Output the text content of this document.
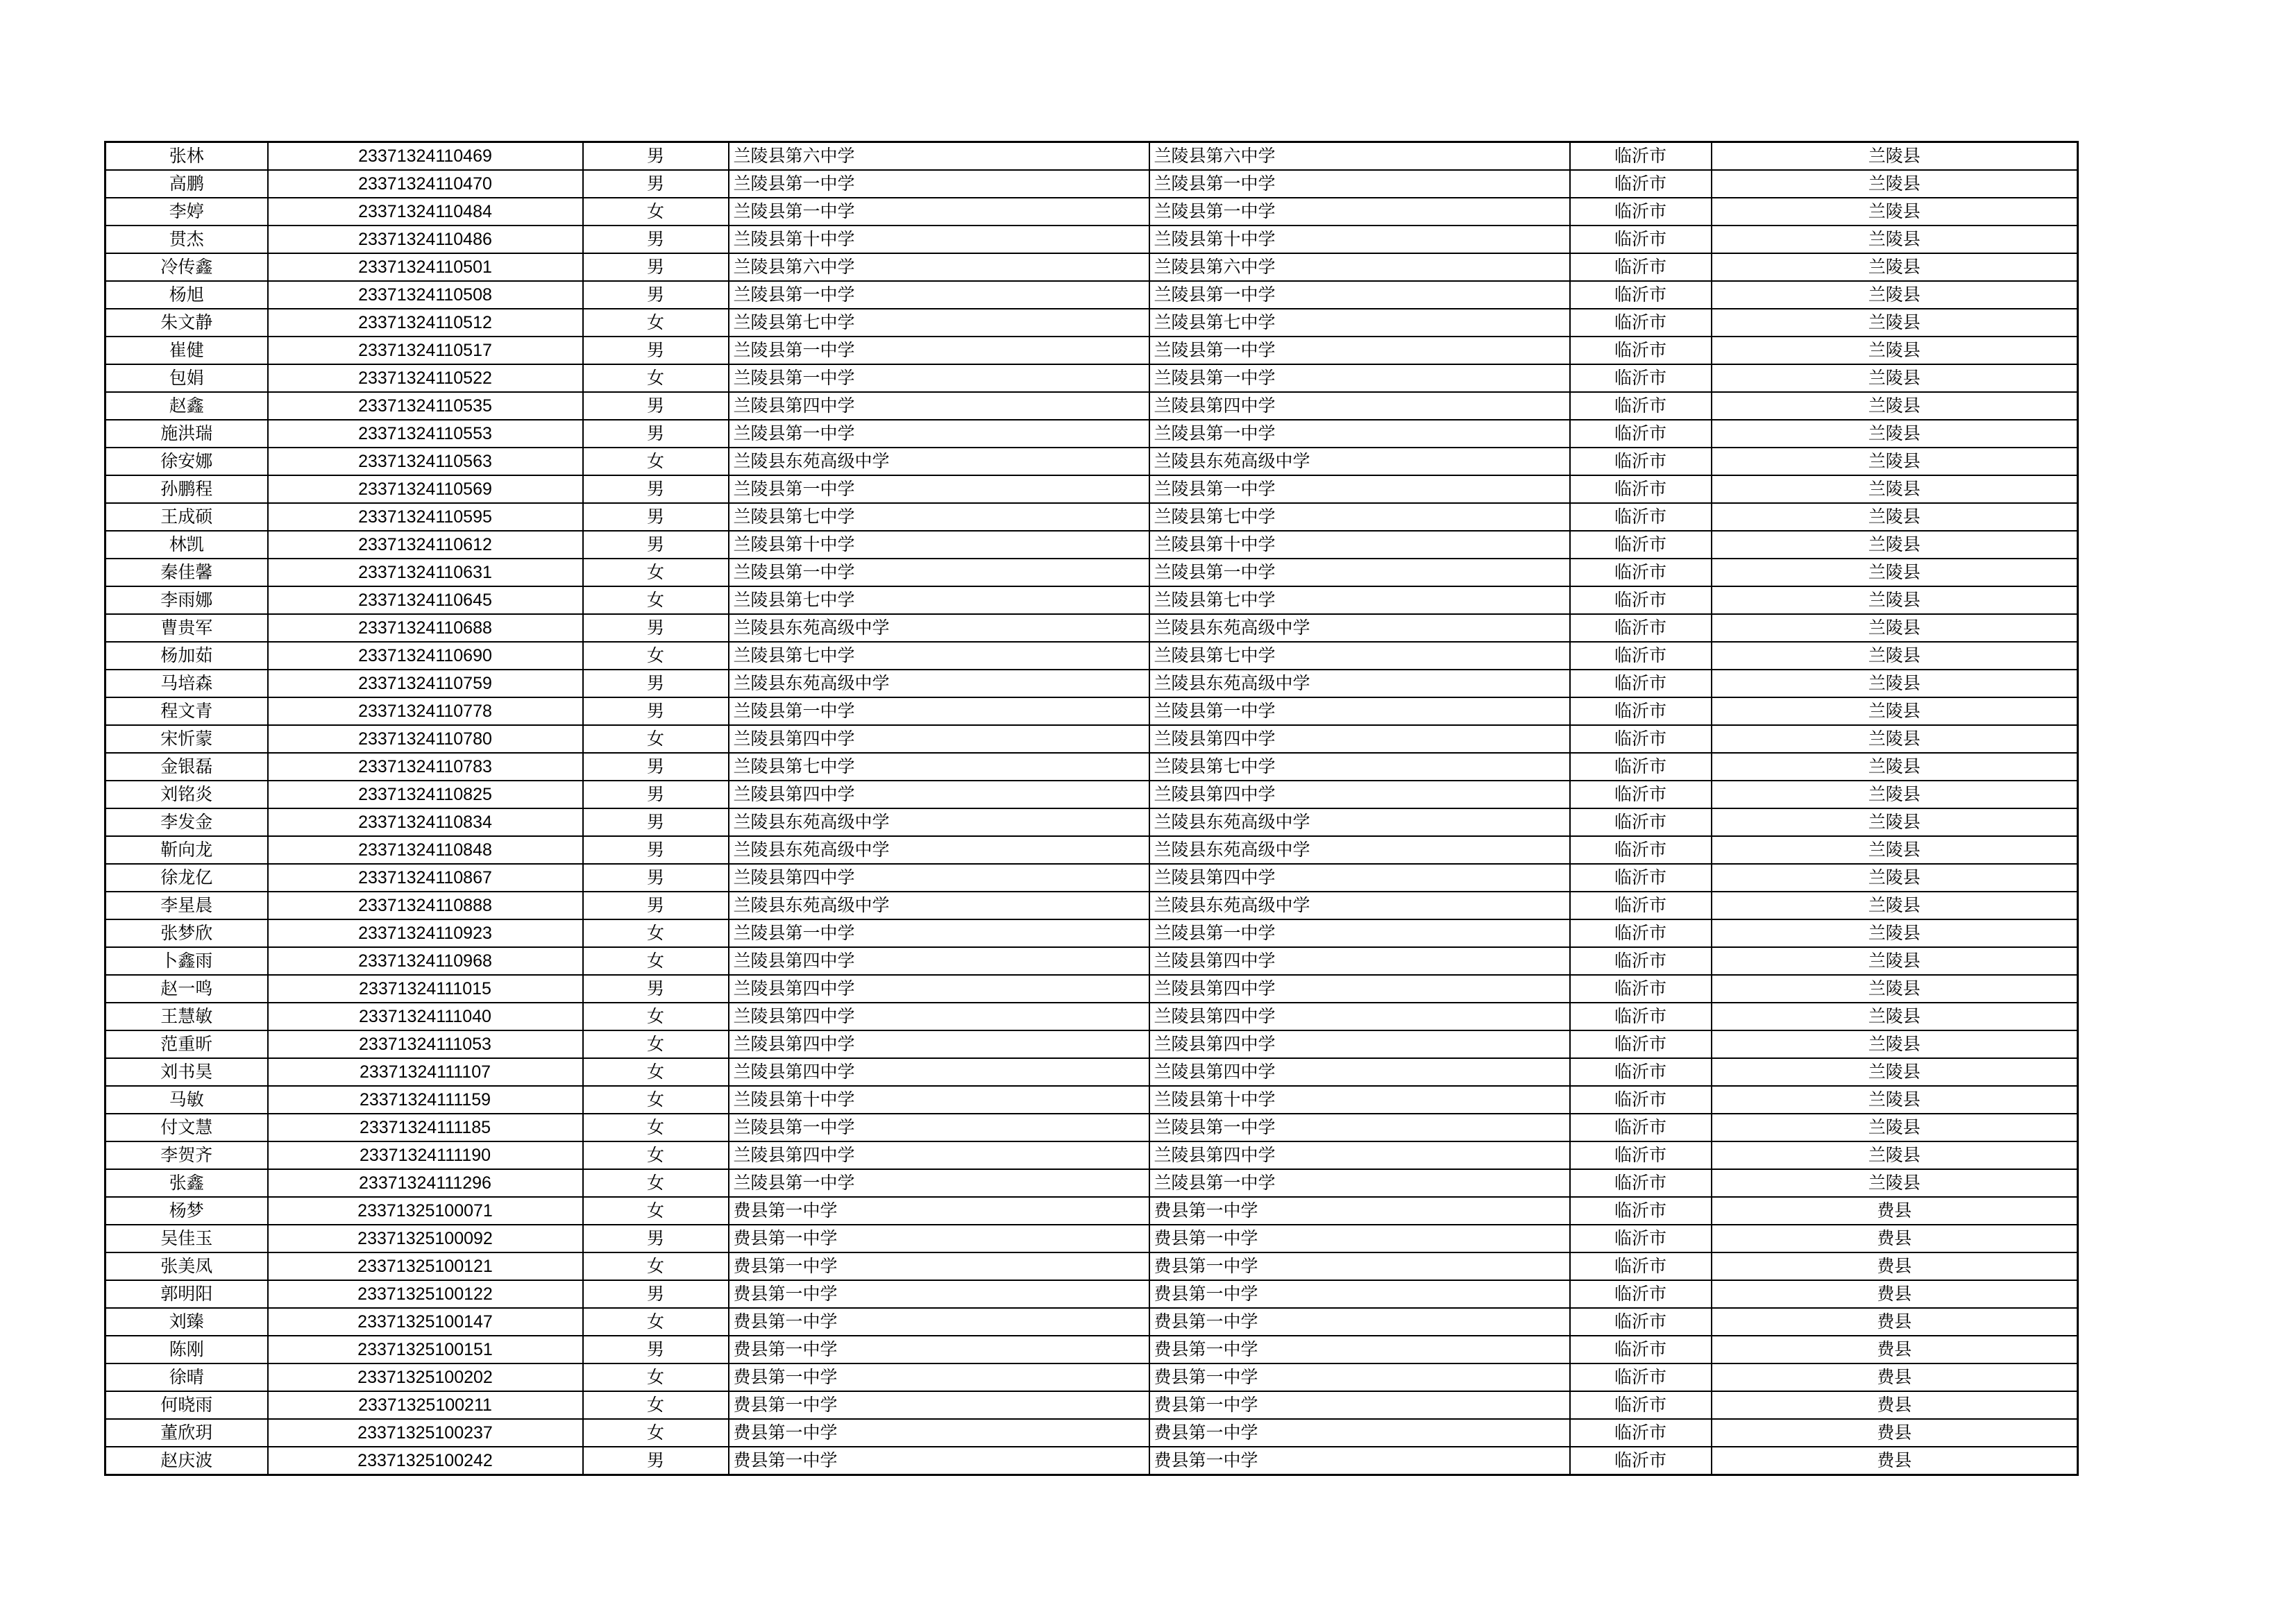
张林	23371324110469	男	兰陵县第六中学	兰陵县第六中学	临沂市	兰陵县
高鹏	23371324110470	男	兰陵县第一中学	兰陵县第一中学	临沂市	兰陵县
李婷	23371324110484	女	兰陵县第一中学	兰陵县第一中学	临沂市	兰陵县
贯杰	23371324110486	男	兰陵县第十中学	兰陵县第十中学	临沂市	兰陵县
冷传鑫	23371324110501	男	兰陵县第六中学	兰陵县第六中学	临沂市	兰陵县
杨旭	23371324110508	男	兰陵县第一中学	兰陵县第一中学	临沂市	兰陵县
朱文静	23371324110512	女	兰陵县第七中学	兰陵县第七中学	临沂市	兰陵县
崔健	23371324110517	男	兰陵县第一中学	兰陵县第一中学	临沂市	兰陵县
包娟	23371324110522	女	兰陵县第一中学	兰陵县第一中学	临沂市	兰陵县
赵鑫	23371324110535	男	兰陵县第四中学	兰陵县第四中学	临沂市	兰陵县
施洪瑞	23371324110553	男	兰陵县第一中学	兰陵县第一中学	临沂市	兰陵县
徐安娜	23371324110563	女	兰陵县东苑高级中学	兰陵县东苑高级中学	临沂市	兰陵县
孙鹏程	23371324110569	男	兰陵县第一中学	兰陵县第一中学	临沂市	兰陵县
王成硕	23371324110595	男	兰陵县第七中学	兰陵县第七中学	临沂市	兰陵县
林凯	23371324110612	男	兰陵县第十中学	兰陵县第十中学	临沂市	兰陵县
秦佳馨	23371324110631	女	兰陵县第一中学	兰陵县第一中学	临沂市	兰陵县
李雨娜	23371324110645	女	兰陵县第七中学	兰陵县第七中学	临沂市	兰陵县
曹贵军	23371324110688	男	兰陵县东苑高级中学	兰陵县东苑高级中学	临沂市	兰陵县
杨加茹	23371324110690	女	兰陵县第七中学	兰陵县第七中学	临沂市	兰陵县
马培森	23371324110759	男	兰陵县东苑高级中学	兰陵县东苑高级中学	临沂市	兰陵县
程文青	23371324110778	男	兰陵县第一中学	兰陵县第一中学	临沂市	兰陵县
宋忻蒙	23371324110780	女	兰陵县第四中学	兰陵县第四中学	临沂市	兰陵县
金银磊	23371324110783	男	兰陵县第七中学	兰陵县第七中学	临沂市	兰陵县
刘铭炎	23371324110825	男	兰陵县第四中学	兰陵县第四中学	临沂市	兰陵县
李发金	23371324110834	男	兰陵县东苑高级中学	兰陵县东苑高级中学	临沂市	兰陵县
靳向龙	23371324110848	男	兰陵县东苑高级中学	兰陵县东苑高级中学	临沂市	兰陵县
徐龙亿	23371324110867	男	兰陵县第四中学	兰陵县第四中学	临沂市	兰陵县
李星晨	23371324110888	男	兰陵县东苑高级中学	兰陵县东苑高级中学	临沂市	兰陵县
张梦欣	23371324110923	女	兰陵县第一中学	兰陵县第一中学	临沂市	兰陵县
卜鑫雨	23371324110968	女	兰陵县第四中学	兰陵县第四中学	临沂市	兰陵县
赵一鸣	23371324111015	男	兰陵县第四中学	兰陵县第四中学	临沂市	兰陵县
王慧敏	23371324111040	女	兰陵县第四中学	兰陵县第四中学	临沂市	兰陵县
范重昕	23371324111053	女	兰陵县第四中学	兰陵县第四中学	临沂市	兰陵县
刘书昊	23371324111107	女	兰陵县第四中学	兰陵县第四中学	临沂市	兰陵县
马敏	23371324111159	女	兰陵县第十中学	兰陵县第十中学	临沂市	兰陵县
付文慧	23371324111185	女	兰陵县第一中学	兰陵县第一中学	临沂市	兰陵县
李贺齐	23371324111190	女	兰陵县第四中学	兰陵县第四中学	临沂市	兰陵县
张鑫	23371324111296	女	兰陵县第一中学	兰陵县第一中学	临沂市	兰陵县
杨梦	23371325100071	女	费县第一中学	费县第一中学	临沂市	费县
吴佳玉	23371325100092	男	费县第一中学	费县第一中学	临沂市	费县
张美凤	23371325100121	女	费县第一中学	费县第一中学	临沂市	费县
郭明阳	23371325100122	男	费县第一中学	费县第一中学	临沂市	费县
刘臻	23371325100147	女	费县第一中学	费县第一中学	临沂市	费县
陈刚	23371325100151	男	费县第一中学	费县第一中学	临沂市	费县
徐晴	23371325100202	女	费县第一中学	费县第一中学	临沂市	费县
何晓雨	23371325100211	女	费县第一中学	费县第一中学	临沂市	费县
董欣玥	23371325100237	女	费县第一中学	费县第一中学	临沂市	费县
赵庆波	23371325100242	男	费县第一中学	费县第一中学	临沂市	费县
